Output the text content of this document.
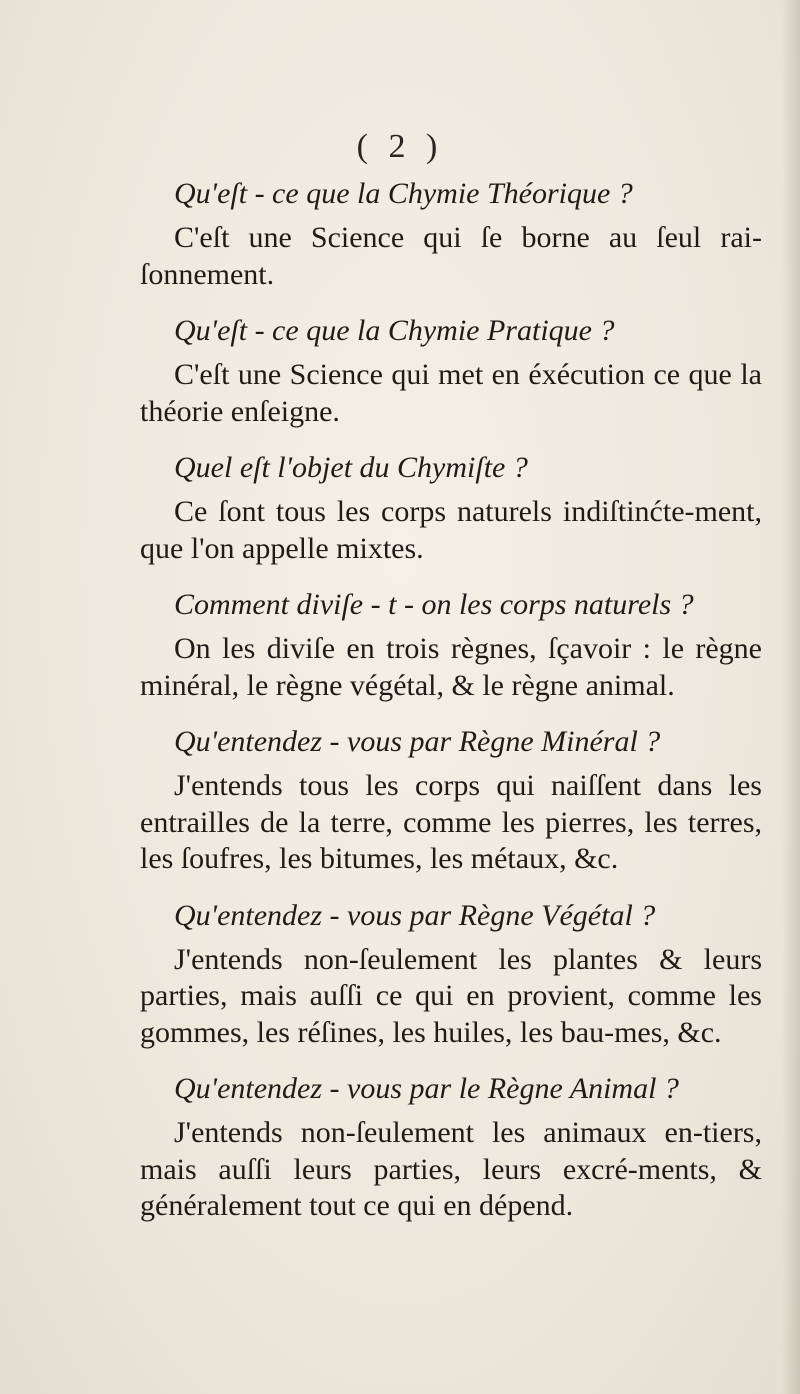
( 2 )

Qu'eſt - ce que la Chymie Théorique ?

C'eſt une Science qui ſe borne au ſeul rai-ſonnement.

Qu'eſt - ce que la Chymie Pratique ?

C'eſt une Science qui met en éxécution ce que la théorie enſeigne.

Quel eſt l'objet du Chymiſte ?

Ce ſont tous les corps naturels indiſtinćte-ment, que l'on appelle mixtes.

Comment diviſe - t - on les corps naturels ?

On les diviſe en trois règnes, ſçavoir : le règne minéral, le règne végétal, & le règne animal.

Qu'entendez - vous par Règne Minéral ?

J'entends tous les corps qui naiſſent dans les entrailles de la terre, comme les pierres, les terres, les ſoufres, les bitumes, les métaux, &c.

Qu'entendez - vous par Règne Végétal ?

J'entends non-ſeulement les plantes & leurs parties, mais auſſi ce qui en provient, comme les gommes, les réſines, les huiles, les bau-mes, &c.

Qu'entendez - vous par le Règne Animal ?

J'entends non-ſeulement les animaux en-tiers, mais auſſi leurs parties, leurs excré-ments, & généralement tout ce qui en dépend.
